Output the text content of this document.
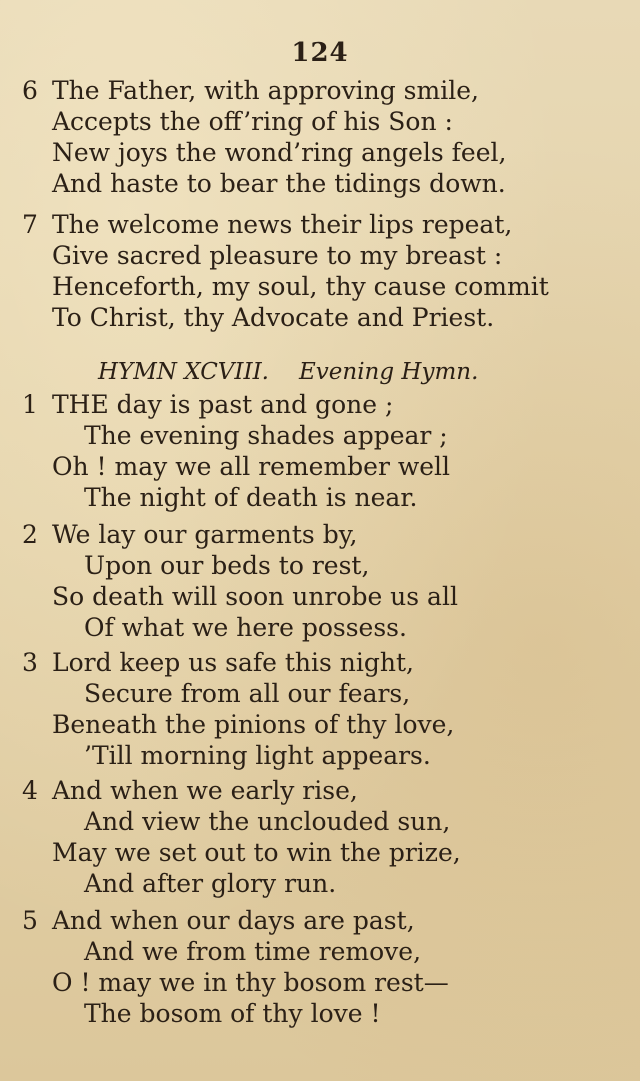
124
6 The Father, with approving smile,
Accepts the off’ring of his Son :
New joys the wond’ring angels feel,
And haste to bear the tidings down.
7 The welcome news their lips repeat,
Give sacred pleasure to my breast :
Henceforth, my soul, thy cause commit
To Christ, thy Advocate and Priest.
HYMN XCVIII. Evening Hymn.
1 THE day is past and gone ;
The evening shades appear ;
Oh ! may we all remember well
The night of death is near.
2 We lay our garments by,
Upon our beds to rest,
So death will soon unrobe us all
Of what we here possess.
3 Lord keep us safe this night,
Secure from all our fears,
Beneath the pinions of thy love,
’Till morning light appears.
4 And when we early rise,
And view the unclouded sun,
May we set out to win the prize,
And after glory run.
5 And when our days are past,
And we from time remove,
O ! may we in thy bosom rest—
The bosom of thy love !
